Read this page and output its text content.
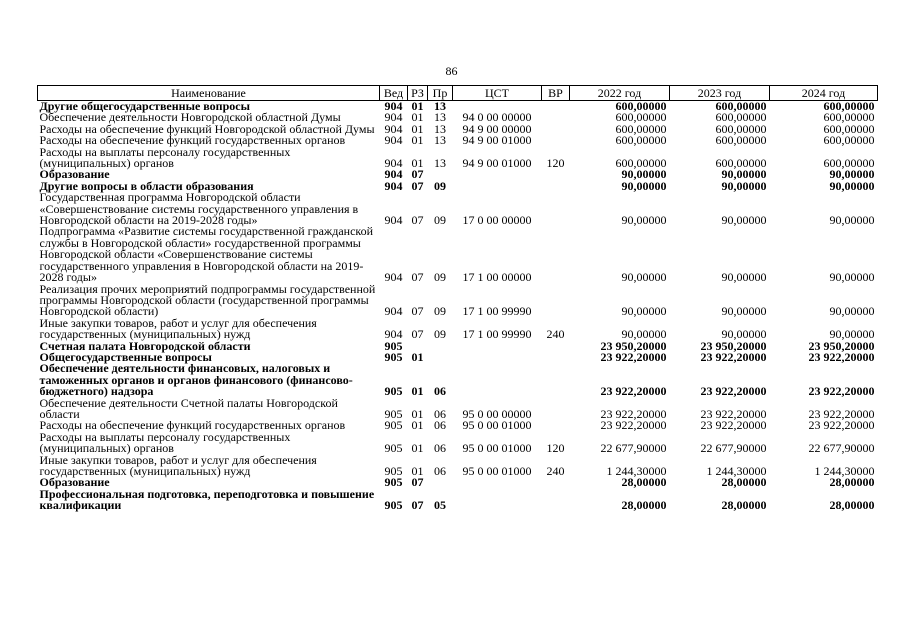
86
Наименование	Вед	РЗ	Пр	ЦСТ	ВР	2022 год	2023 год	2024 год
Другие общегосударственные вопросы	904	01	13			600,00000	600,00000	600,00000
Обеспечение деятельности Новгородской областной Думы	904	01	13	94 0 00 00000		600,00000	600,00000	600,00000
Расходы на обеспечение функций Новгородской областной Думы	904	01	13	94 9 00 00000		600,00000	600,00000	600,00000
Расходы на обеспечение функций государственных органов	904	01	13	94 9 00 01000		600,00000	600,00000	600,00000
Расходы на выплаты персоналу государственных (муниципальных) органов	904	01	13	94 9 00 01000	120	600,00000	600,00000	600,00000
Образование	904	07				90,00000	90,00000	90,00000
Другие вопросы в области образования	904	07	09			90,00000	90,00000	90,00000
Государственная программа Новгородской области «Совершенствование системы государственного управления в Новгородской области на 2019-2028 годы»	904	07	09	17 0 00 00000		90,00000	90,00000	90,00000
Подпрограмма «Развитие системы государственной гражданской службы в Новгородской области» государственной программы Новгородской области «Совершенствование системы государственного управления в Новгородской области на 2019-2028 годы»	904	07	09	17 1 00 00000		90,00000	90,00000	90,00000
Реализация прочих мероприятий подпрограммы государственной программы Новгородской области (государственной программы Новгородской области)	904	07	09	17 1 00 99990		90,00000	90,00000	90,00000
Иные закупки товаров, работ и услуг для обеспечения государственных (муниципальных) нужд	904	07	09	17 1 00 99990	240	90,00000	90,00000	90,00000
Счетная палата Новгородской области	905					23 950,20000	23 950,20000	23 950,20000
Общегосударственные вопросы	905	01				23 922,20000	23 922,20000	23 922,20000
Обеспечение деятельности финансовых, налоговых и таможенных органов и органов финансового (финансово-бюджетного) надзора	905	01	06			23 922,20000	23 922,20000	23 922,20000
Обеспечение деятельности Счетной палаты Новгородской области	905	01	06	95 0 00 00000		23 922,20000	23 922,20000	23 922,20000
Расходы на обеспечение функций государственных органов	905	01	06	95 0 00 01000		23 922,20000	23 922,20000	23 922,20000
Расходы на выплаты персоналу государственных (муниципальных) органов	905	01	06	95 0 00 01000	120	22 677,90000	22 677,90000	22 677,90000
Иные закупки товаров, работ и услуг для обеспечения государственных (муниципальных) нужд	905	01	06	95 0 00 01000	240	1 244,30000	1 244,30000	1 244,30000
Образование	905	07				28,00000	28,00000	28,00000
Профессиональная подготовка, переподготовка и повышение квалификации	905	07	05			28,00000	28,00000	28,00000
